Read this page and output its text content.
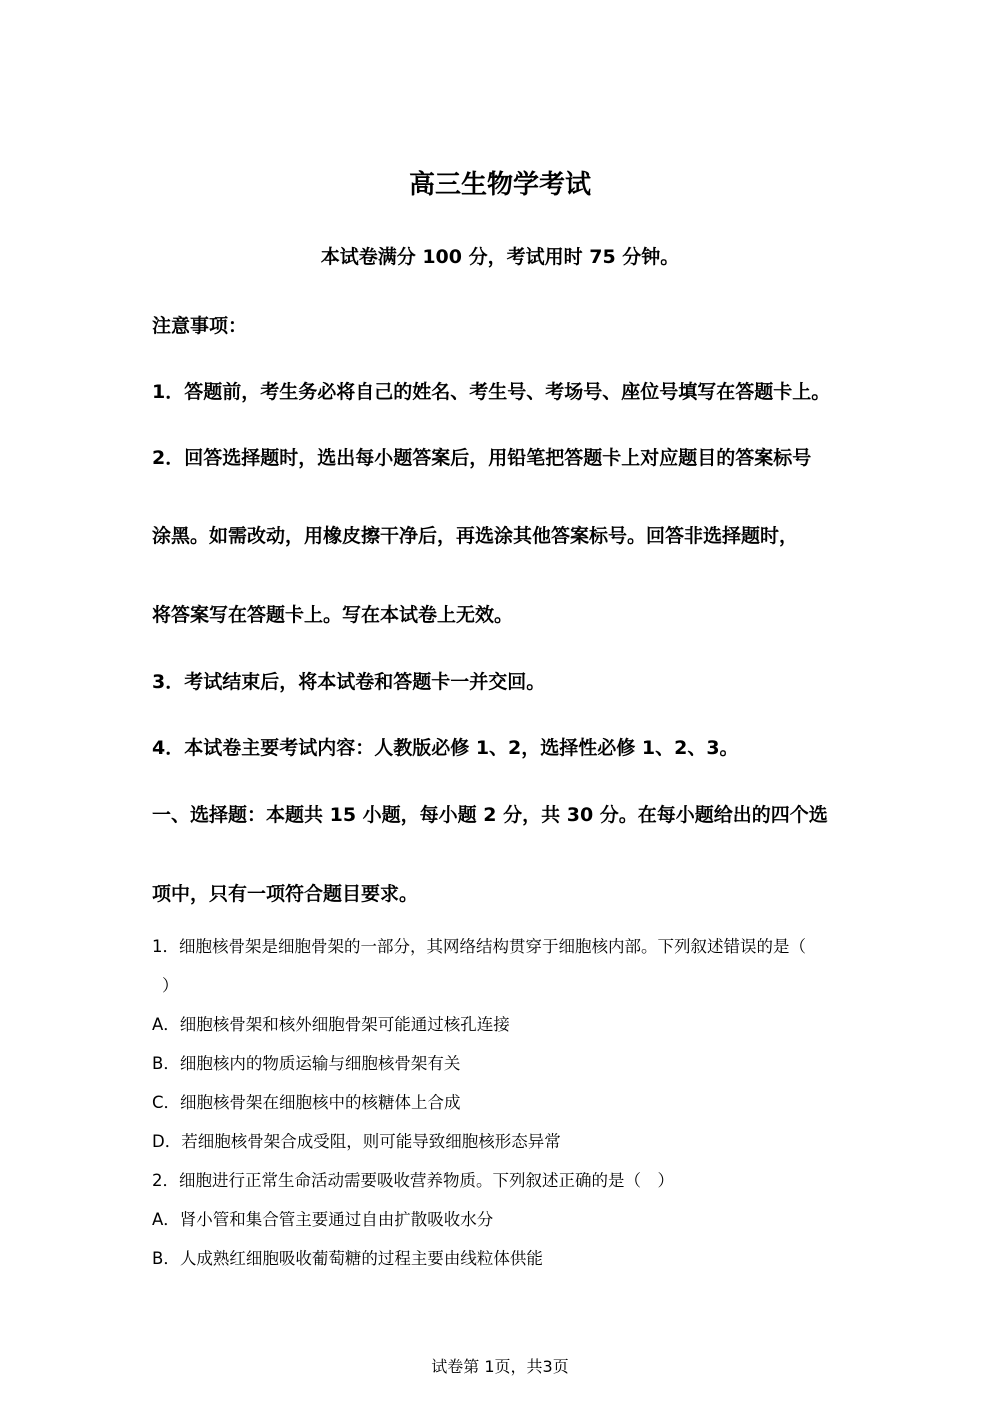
高三生物学考试
本试卷满分 100 分，考试用时 75 分钟。
注意事项：
1．答题前，考生务必将自己的姓名、考生号、考场号、座位号填写在答题卡上。
2．回答选择题时，选出每小题答案后，用铅笔把答题卡上对应题目的答案标号
涂黑。如需改动，用橡皮擦干净后，再选涂其他答案标号。回答非选择题时，
将答案写在答题卡上。写在本试卷上无效。
3．考试结束后，将本试卷和答题卡一并交回。
4．本试卷主要考试内容：人教版必修 1、2，选择性必修 1、2、3。
一、选择题：本题共 15 小题，每小题 2 分，共 30 分。在每小题给出的四个选
项中，只有一项符合题目要求。
1．细胞核骨架是细胞骨架的一部分，其网络结构贯穿于细胞核内部。下列叙述错误的是（
）
A．细胞核骨架和核外细胞骨架可能通过核孔连接
B．细胞核内的物质运输与细胞核骨架有关
C．细胞核骨架在细胞核中的核糖体上合成
D．若细胞核骨架合成受阻，则可能导致细胞核形态异常
2．细胞进行正常生命活动需要吸收营养物质。下列叙述正确的是（　）
A．肾小管和集合管主要通过自由扩散吸收水分
B．人成熟红细胞吸收葡萄糖的过程主要由线粒体供能
试卷第 1页，共3页
